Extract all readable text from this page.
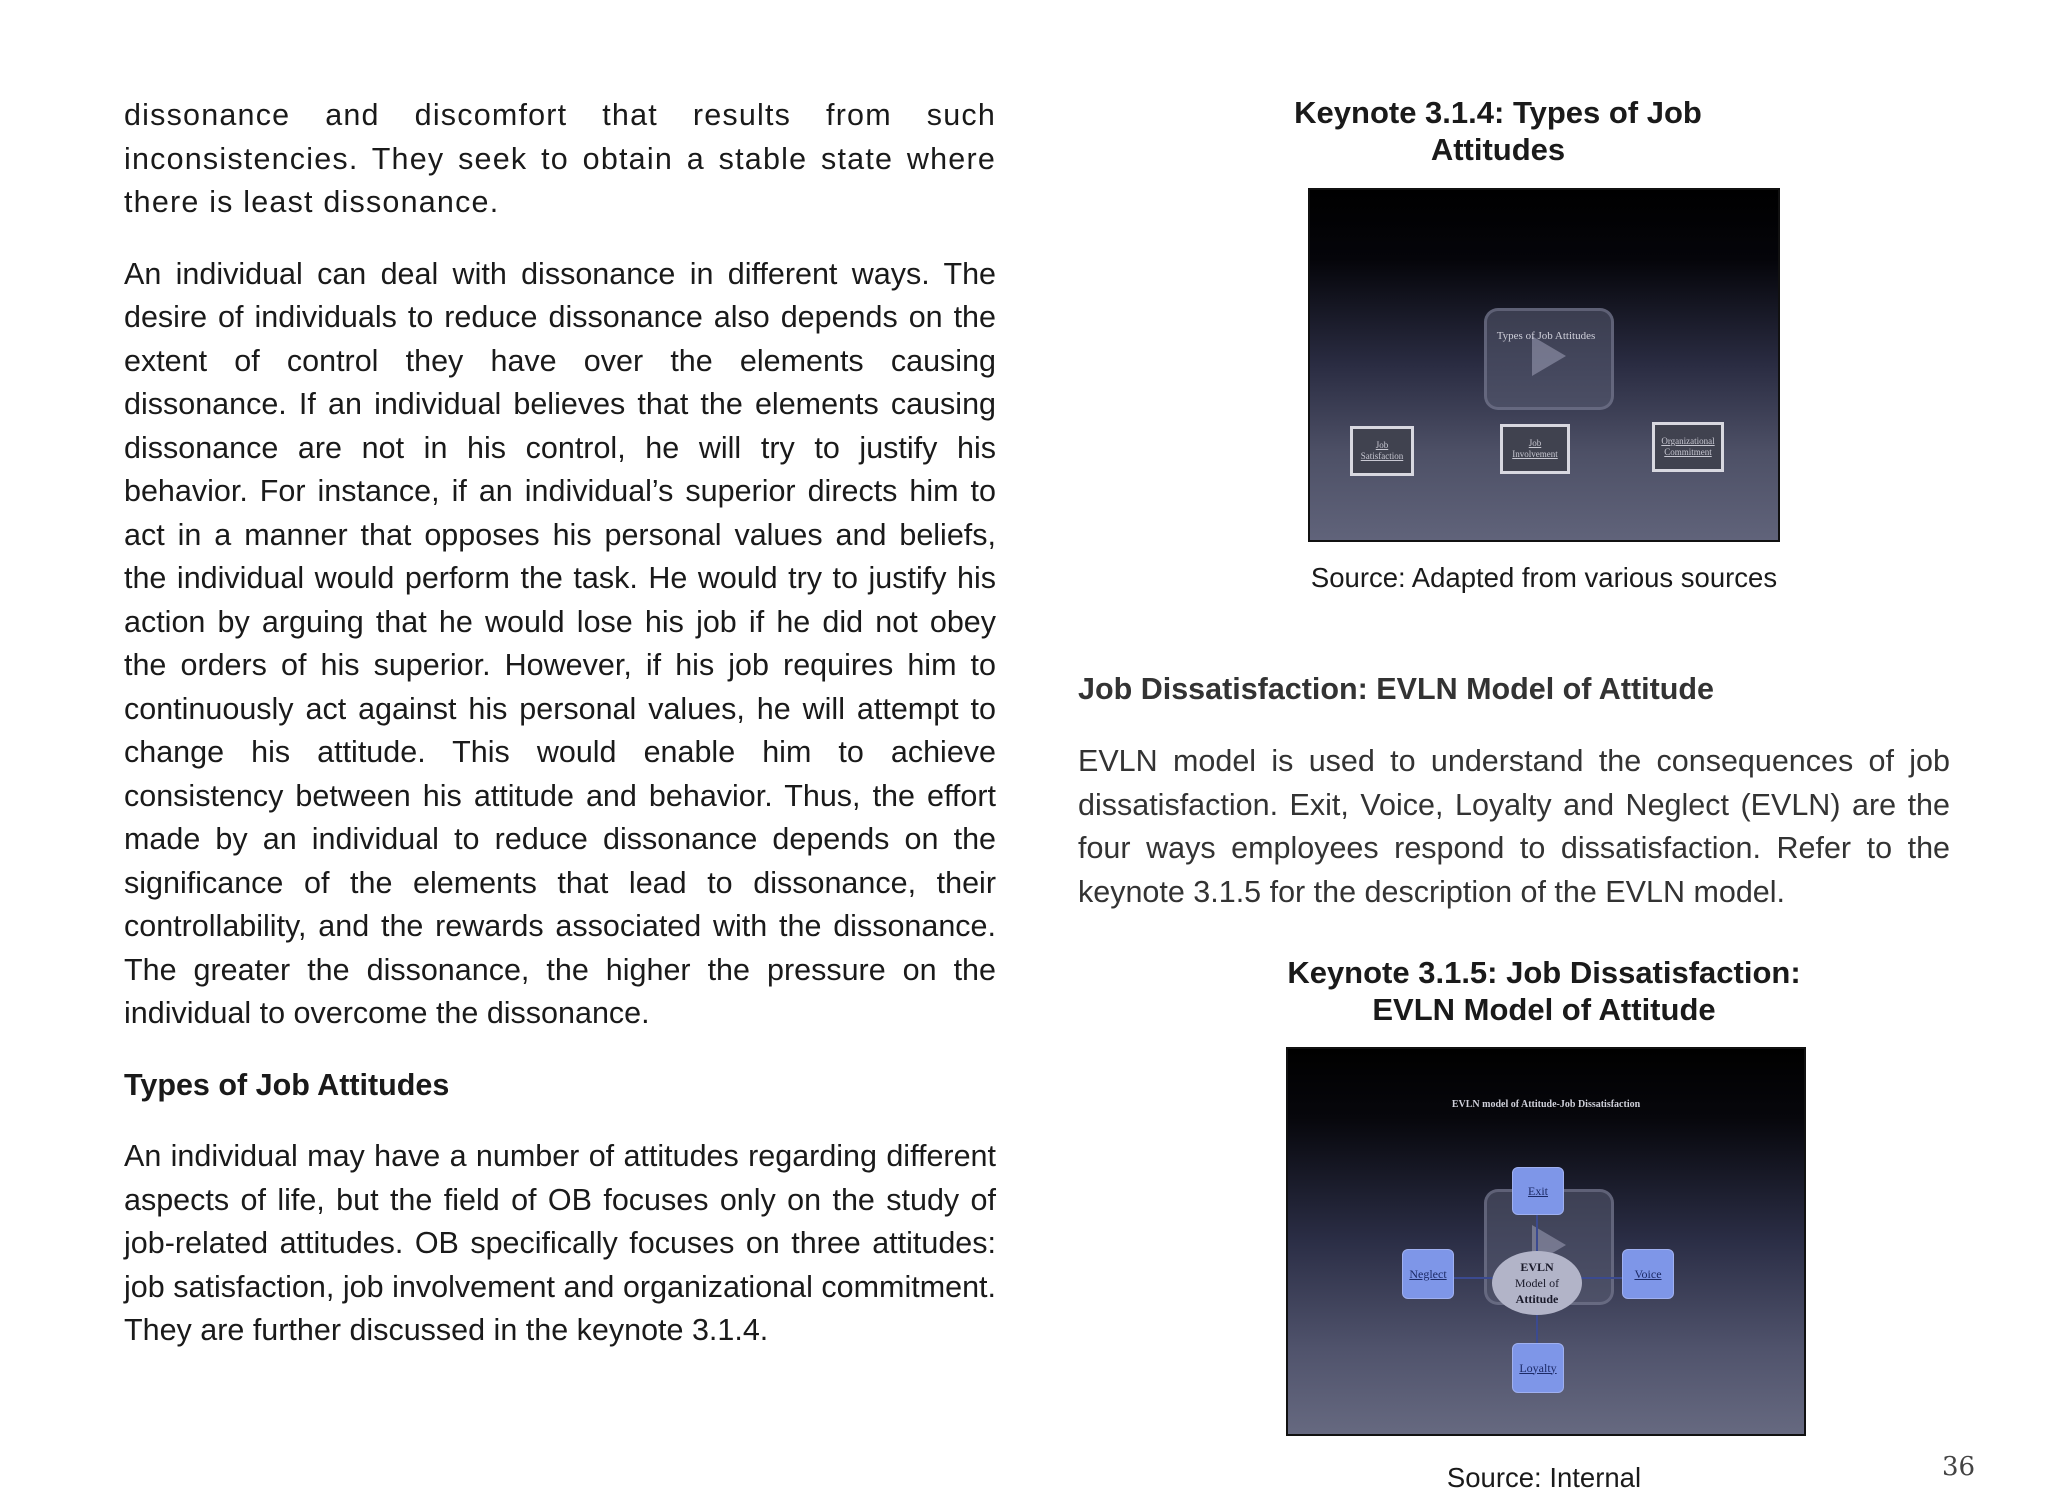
dissonance and discomfort that results from such inconsistencies. They seek to obtain a stable state where there is least dissonance.

An individual can deal with dissonance in different ways. The desire of individuals to reduce dissonance also depends on the extent of control they have over the elements causing dissonance. If an individual believes that the elements causing dissonance are not in his control, he will try to justify his behavior. For instance, if an individual’s superior directs him to act in a manner that opposes his personal values and beliefs, the individual would perform the task. He would try to justify his action by arguing that he would lose his job if he did not obey the orders of his superior. However, if his job requires him to continuously act against his personal values, he will attempt to change his attitude. This would enable him to achieve consistency between his attitude and behavior. Thus, the effort made by an individual to reduce dissonance depends on the significance of the elements that lead to dissonance, their controllability, and the rewards associated with the dissonance. The greater the dissonance, the higher the pressure on the individual to overcome the dissonance.

Types of Job Attitudes

An individual may have a number of attitudes regarding different aspects of life, but the field of OB focuses only on the study of job-related attitudes. OB specifically focuses on three attitudes: job satisfaction, job involvement and organizational commitment. They are further discussed in the keynote 3.1.4.

Keynote 3.1.4: Types of Job
Attitudes
Types of Job Attitudes
Job
Satisfaction
Job
Involvement
Organizational
Commitment
Source: Adapted from various sources
Job Dissatisfaction: EVLN Model of Attitude

EVLN model is used to understand the consequences of job dissatisfaction. Exit, Voice, Loyalty and Neglect (EVLN) are the four ways employees respond to dissatisfaction. Refer to the keynote 3.1.5 for the description of the EVLN model.

Keynote 3.1.5: Job Dissatisfaction:
EVLN Model of Attitude
EVLN model of Attitude-Job Dissatisfaction
Exit
Neglect	Voice
Loyalty
EVLN
Model of
Attitude
Source: Internal	36
